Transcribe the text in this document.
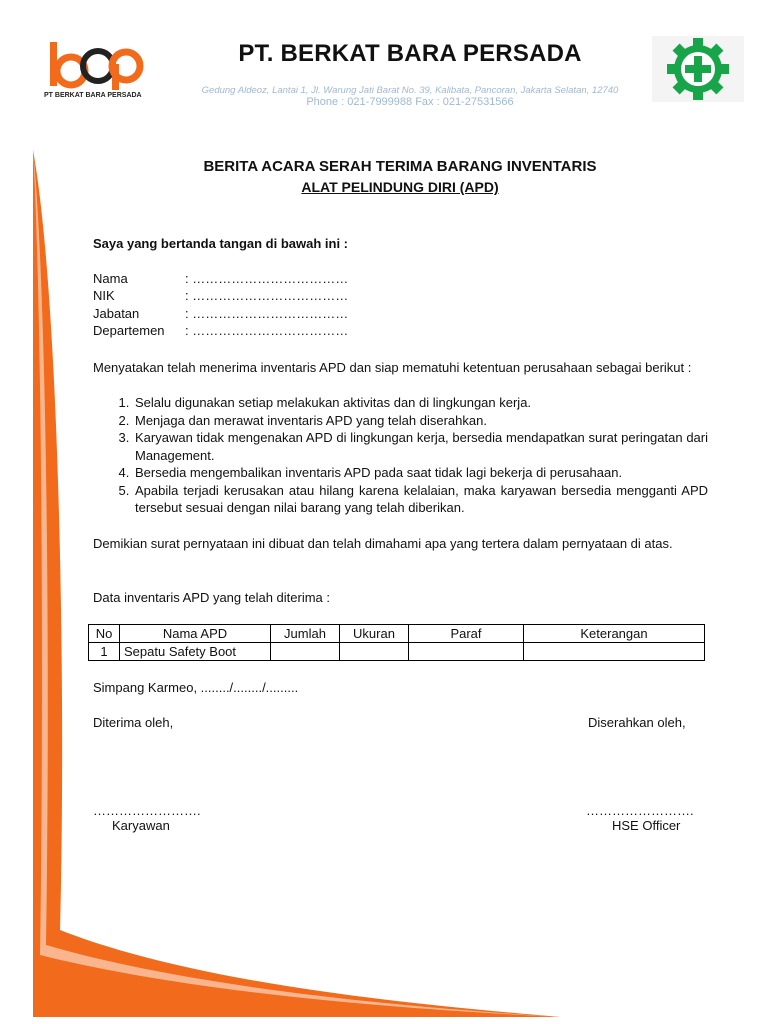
PT BERKAT BARA PERSADA
PT. BERKAT BARA PERSADA
Gedung Aldeoz, Lantai 1, Jl. Warung Jati Barat No. 39, Kalibata, Pancoran, Jakarta Selatan, 12740
Phone : 021-7999988 Fax : 021-27531566
BERITA ACARA SERAH TERIMA BARANG INVENTARIS
ALAT PELINDUNG DIRI (APD)
Saya yang bertanda tangan di bawah ini :
Nama	: ………………………………
NIK	: ………………………………
Jabatan	: ………………………………
Departemen : ………………………………
Menyatakan telah menerima inventaris APD dan siap mematuhi ketentuan perusahaan sebagai berikut :
1. Selalu digunakan setiap melakukan aktivitas dan di lingkungan kerja.
2. Menjaga dan merawat inventaris APD yang telah diserahkan.
3. Karyawan tidak mengenakan APD di lingkungan kerja, bersedia mendapatkan surat peringatan dari Management.
4. Bersedia mengembalikan inventaris APD pada saat tidak lagi bekerja di perusahaan.
5. Apabila terjadi kerusakan atau hilang karena kelalaian, maka karyawan bersedia mengganti APD tersebut sesuai dengan nilai barang yang telah diberikan.
Demikian surat pernyataan ini dibuat dan telah dimahami apa yang tertera dalam pernyataan di atas.
Data inventaris APD yang telah diterima :
No	Nama APD	Jumlah	Ukuran	Paraf	Keterangan
1	Sepatu Safety Boot				
Simpang Karmeo, ......../......../.........
Diterima oleh,	Diserahkan oleh,
…………………….	…………………….
Karyawan	HSE Officer
